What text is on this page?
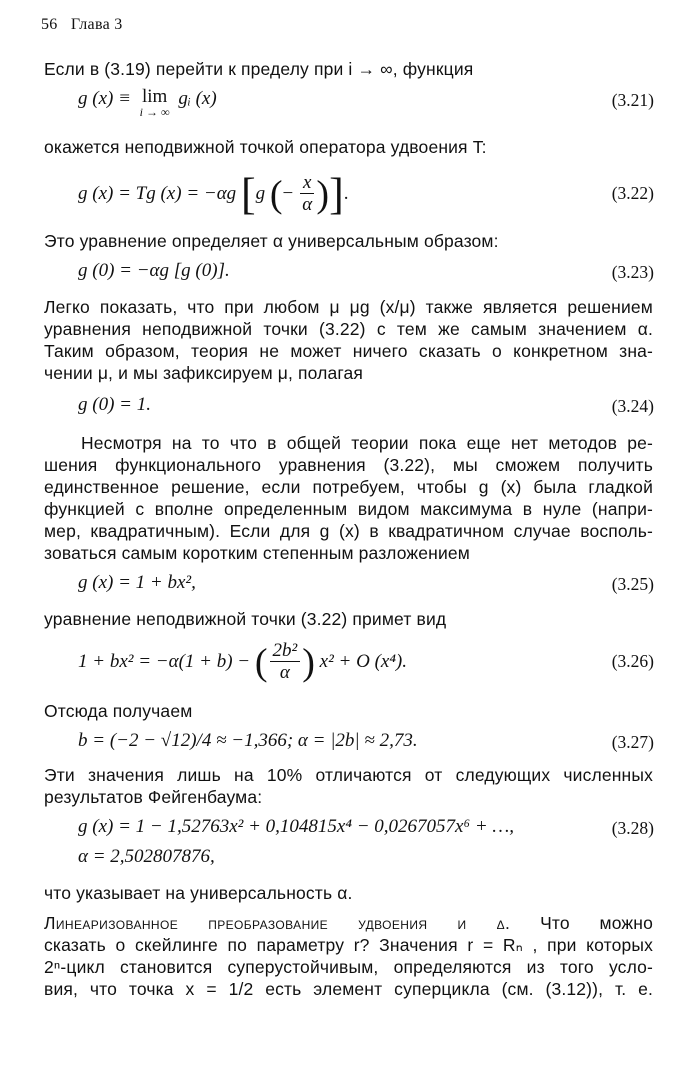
56 Глава 3
Если в (3.19) перейти к пределу при i → ∞, функция
g (x) ≡ lim
i → ∞
gᵢ (x)	(3.21)
окажется неподвижной точкой оператора удвоения T:
g (x) = Tg (x) = −αg [g (− $\frac{x}{\alpha}$ )].	(3.22)
Это уравнение определяет α универсальным образом:
g (0) = −αg [g (0)].	(3.23)
Легко показать, что при любом μ μg (x/μ) также является решением
уравнения неподвижной точки (3.22) с тем же самым значением α.
Таким образом, теория не может ничего сказать о конкретном зна-
чении μ, и мы зафиксируем μ, полагая
g (0) = 1.	(3.24)
Несмотря на то что в общей теории пока еще нет методов ре-
шения функционального уравнения (3.22), мы сможем получить
единственное решение, если потребуем, чтобы g (x) была гладкой
функцией с вполне определенным видом максимума в нуле (напри-
мер, квадратичным). Если для g (x) в квадратичном случае восполь-
зоваться самым коротким степенным разложением
g (x) = 1 + bx²,	(3.25)
уравнение неподвижной точки (3.22) примет вид
1 + bx² = −α(1 + b) − ( $\frac{\text{2b²}}{\alpha}$ ) x² + O (x⁴).	(3.26)
Отсюда получаем
b = (−2 − √12)/4 ≈ −1,366; α = |2b| ≈ 2,73.	(3.27)
Эти значения лишь на 10% отличаются от следующих численных
результатов Фейгенбаума:
g (x) = 1 − 1,52763x² + 0,104815x⁴ − 0,0267057x⁶ + …,	(3.28)
α = 2,502807876,
что указывает на универсальность α.
Линеаризованное преобразование удвоения и δ. Что можно
сказать о скейлинге по параметру r? Значения r = Rₙ , при которых
2ⁿ-цикл становится суперустойчивым, определяются из того усло-
вия, что точка x = 1/2 есть элемент суперцикла (см. (3.12)), т. е.
